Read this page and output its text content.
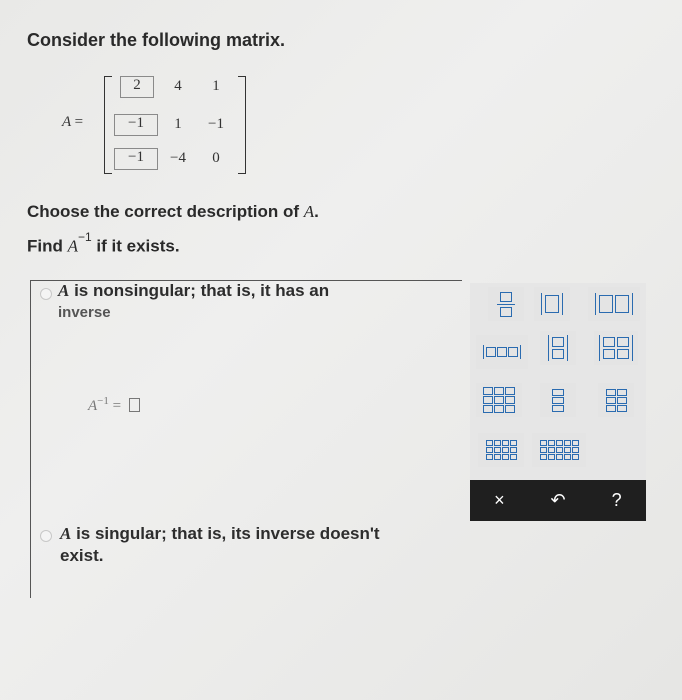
Consider the following matrix.
A =
2	4	1
−1	1	−1
−1	−4	0
Choose the correct description of A.
Find $A^{-1}$ if it exists.
A is nonsingular; that is, it has an
inverse
$A^{-1}$ =
A is singular; that is, its inverse doesn't
exist.
×	↶	?
